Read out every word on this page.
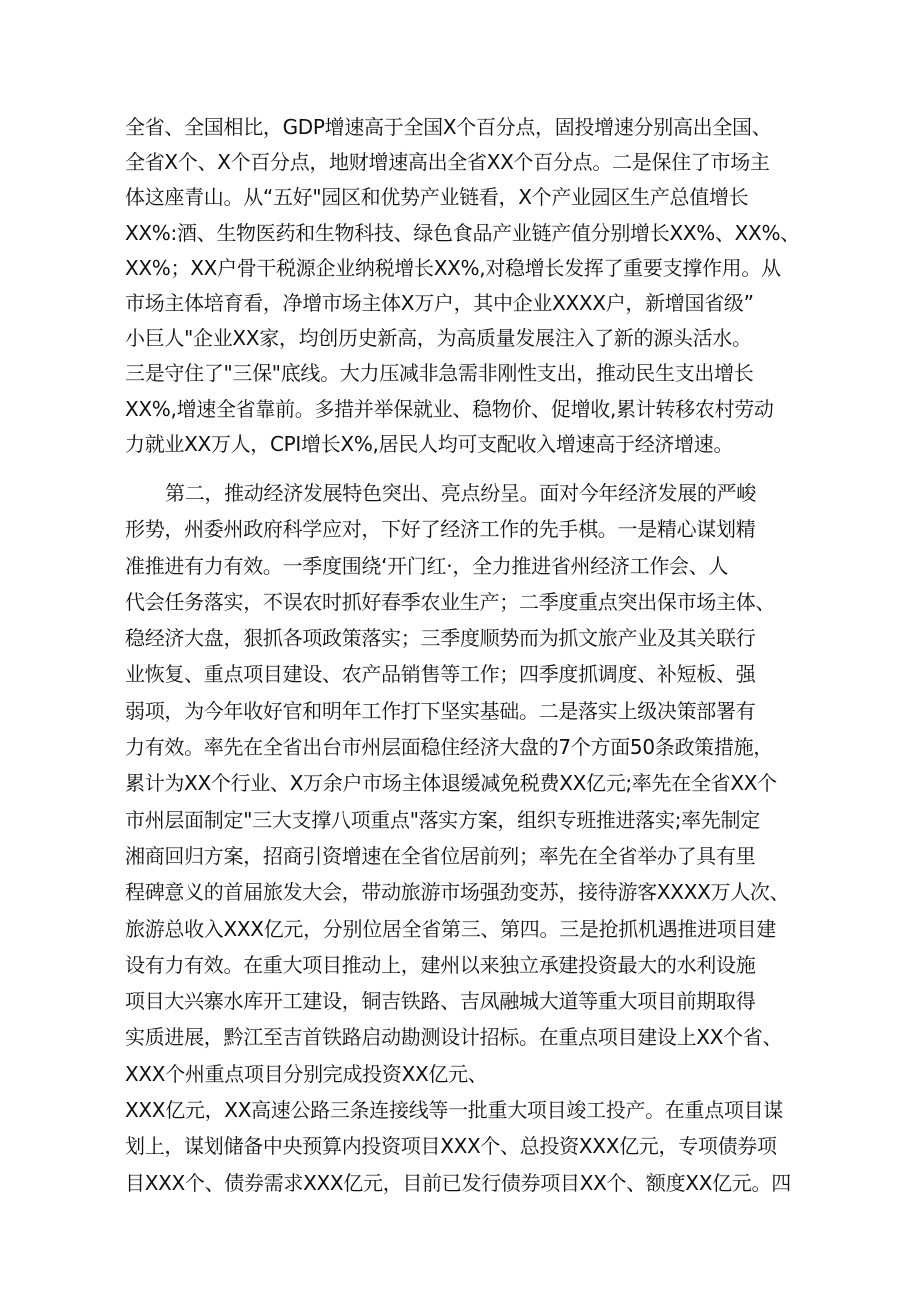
全省、全国相比，GDP增速高于全国X个百分点，固投增速分别高出全国、
全省X个、X个百分点，地财增速高出全省XX个百分点。二是保住了市场主
体这座青山。从“五好"园区和优势产业链看，X个产业园区生产总值增长
XX%:酒、生物医药和生物科技、绿色食品产业链产值分别增长XX%、XX%、
XX%；XX户骨干税源企业纳税增长XX%,对稳增长发挥了重要支撑作用。从
市场主体培育看，净增市场主体X万户，其中企业XXXX户，新增国省级”
小巨人"企业XX家，均创历史新高，为高质量发展注入了新的源头活水。
三是守住了"三保"底线。大力压减非急需非刚性支出，推动民生支出增长
XX%,增速全省靠前。多措并举保就业、稳物价、促增收,累计转移农村劳动
力就业XX万人，CPI增长X%,居民人均可支配收入增速高于经济增速。
第二，推动经济发展特色突出、亮点纷呈。面对今年经济发展的严峻
形势，州委州政府科学应对，下好了经济工作的先手棋。一是精心谋划精
准推进有力有效。一季度围绕‘开门红·，全力推进省州经济工作会、人
代会任务落实，不误农时抓好春季农业生产；二季度重点突出保市场主体、
稳经济大盘，狠抓各项政策落实；三季度顺势而为抓文旅产业及其关联行
业恢复、重点项目建设、农产品销售等工作；四季度抓调度、补短板、强
弱项，为今年收好官和明年工作打下坚实基础。二是落实上级决策部署有
力有效。率先在全省出台市州层面稳住经济大盘的7个方面50条政策措施，
累计为XX个行业、X万余户市场主体退缓减免税费XX亿元;率先在全省XX个
市州层面制定"三大支撑八项重点"落实方案，组织专班推进落实;率先制定
湘商回归方案，招商引资增速在全省位居前列；率先在全省举办了具有里
程碑意义的首届旅发大会，带动旅游市场强劲变苏，接待游客XXXX万人次、
旅游总收入XXX亿元，分别位居全省第三、第四。三是抢抓机遇推进项目建
设有力有效。在重大项目推动上，建州以来独立承建投资最大的水利设施
项目大兴寨水库开工建设，铜吉铁路、吉凤融城大道等重大项目前期取得
实质进展，黔江至吉首铁路启动勘测设计招标。在重点项目建设上XX个省、
XXX个州重点项目分别完成投资XX亿元、
XXX亿元，XX高速公路三条连接线等一批重大项目竣工投产。在重点项目谋
划上，谋划储备中央预算内投资项目XXX个、总投资XXX亿元，专项债券项
目XXX个、债券需求XXX亿元，目前已发行债券项目XX个、额度XX亿元。四
